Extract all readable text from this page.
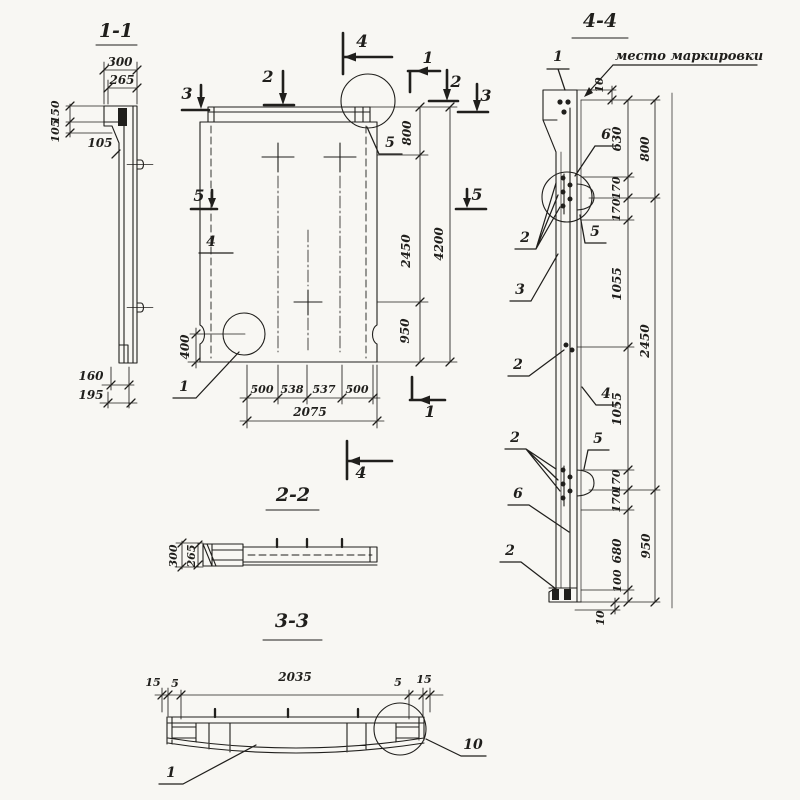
1-1
300
265
150
105
105
160
195
800
2450 4200
950
500 538 537 500
2075
400
4
1
2
3
2
3
5	5
1
4
4
1
5
2-2
300 265
3-3
15 5	2035	5 15
1
10
4-4
место маркировки
10
630
170
170
1055
1055
170
170
680
100
800
2450
950
10
1
6
2	5
3
2
4
2	5
6
2
